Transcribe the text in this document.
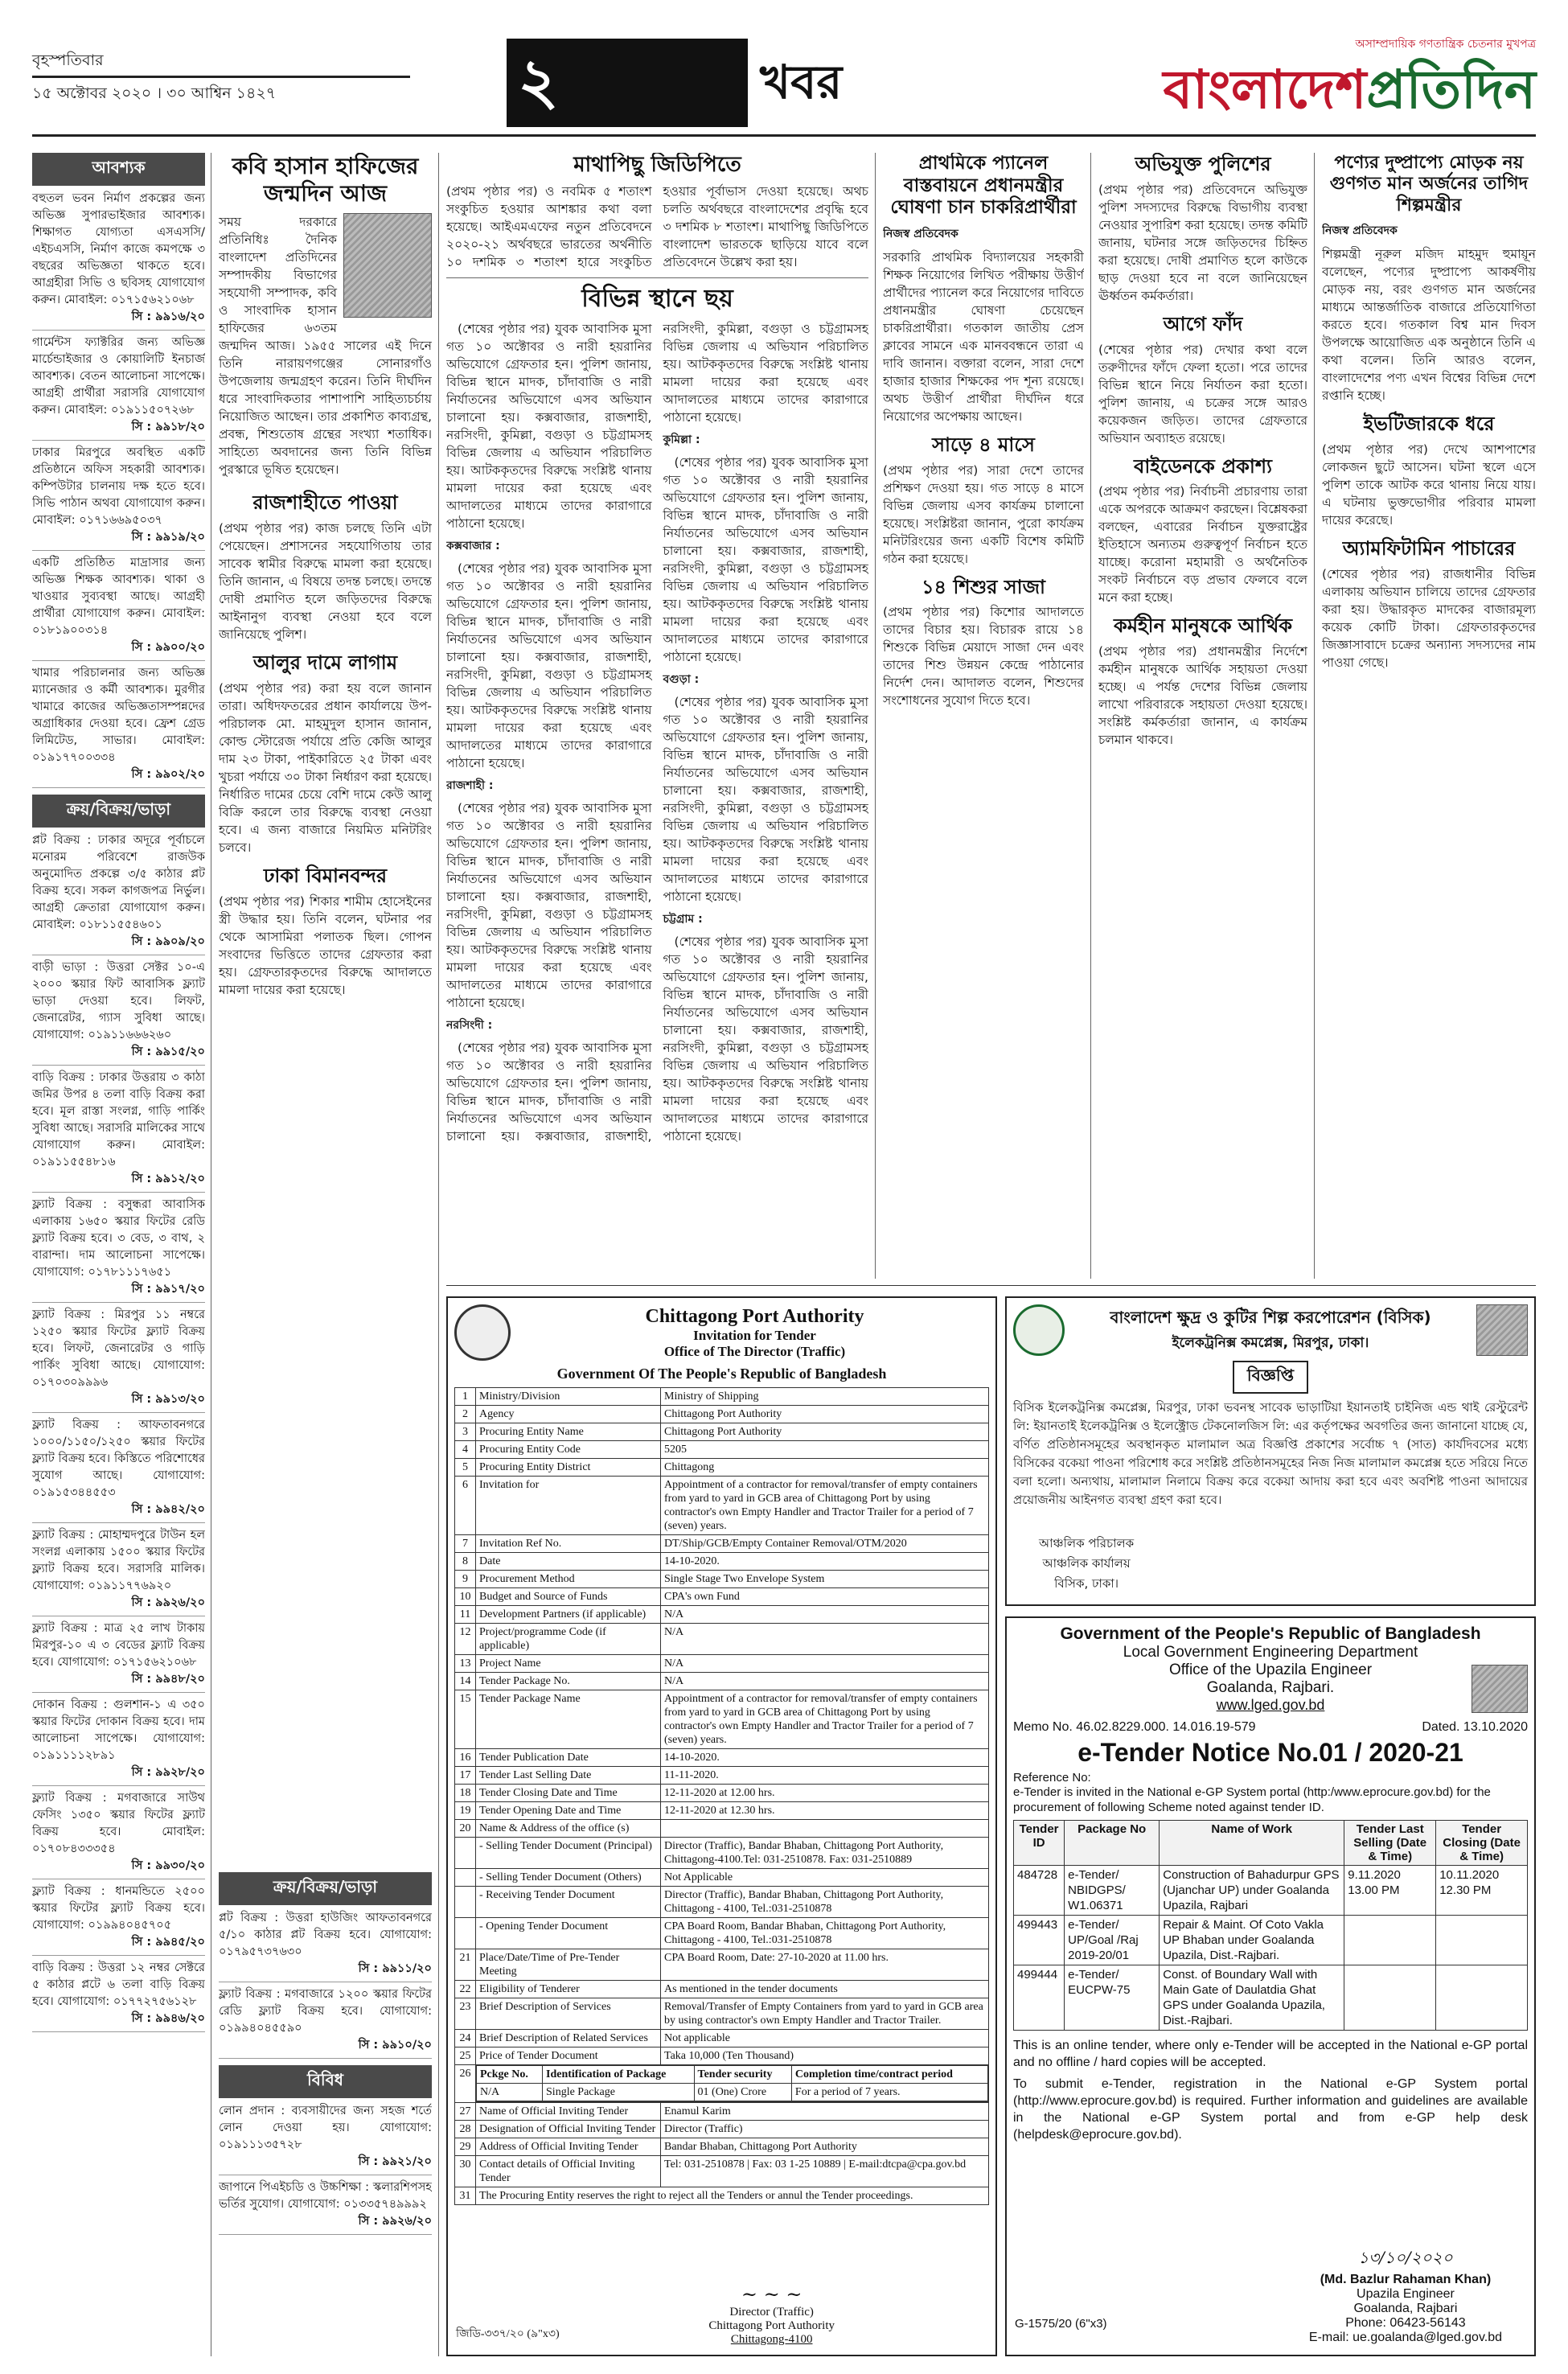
বৃহস্পতিবার
১৫ অক্টোবর ২০২০ । ৩০ আশ্বিন ১৪২৭	২	খবর
অসাম্প্রদায়িক গণতান্ত্রিক চেতনার মুখপত্র
বাংলাদেশপ্রতিদিন
আবশ্যক
বহুতল ভবন নির্মাণ প্রকল্পের জন্য অভিজ্ঞ সুপারভাইজার আবশ্যক। শিক্ষাগত যোগ্যতা এসএসসি/এইচএসসি, নির্মাণ কাজে কমপক্ষে ৩ বছরের অভিজ্ঞতা থাকতে হবে। আগ্রহীরা সিভি ও ছবিসহ যোগাযোগ করুন। মোবাইল: ০১৭১৫৬২১০৬৮
সি : ৯৯১৬/২০
গার্মেন্টস ফ্যাক্টরির জন্য অভিজ্ঞ মার্চেন্ডাইজার ও কোয়ালিটি ইনচার্জ আবশ্যক। বেতন আলোচনা সাপেক্ষে। আগ্রহী প্রার্থীরা সরাসরি যোগাযোগ করুন। মোবাইল: ০১৯১১৫০৭২৬৮
সি : ৯৯১৮/২০
ঢাকার মিরপুরে অবস্থিত একটি প্রতিষ্ঠানে অফিস সহকারী আবশ্যক। কম্পিউটার চালনায় দক্ষ হতে হবে। সিভি পাঠান অথবা যোগাযোগ করুন। মোবাইল: ০১৭১৬৬৯৫০৩৭
সি : ৯৯১৯/২০
একটি প্রতিষ্ঠিত মাদ্রাসার জন্য অভিজ্ঞ শিক্ষক আবশ্যক। থাকা ও খাওয়ার সুব্যবস্থা আছে। আগ্রহী প্রার্থীরা যোগাযোগ করুন। মোবাইল: ০১৮১৯০০৩১৪
সি : ৯৯০০/২০
খামার পরিচালনার জন্য অভিজ্ঞ ম্যানেজার ও কর্মী আবশ্যক। মুরগীর খামারে কাজের অভিজ্ঞতাসম্পন্নদের অগ্রাধিকার দেওয়া হবে। ফ্রেশ গ্রেড লিমিটেড, সাভার। মোবাইল: ০১৯১৭৭০০৩৩৪
সি : ৯৯০২/২০
ক্রয়/বিক্রয়/ভাড়া
প্লট বিক্রয় : ঢাকার অদূরে পূর্বাচলে মনোরম পরিবেশে রাজউক অনুমোদিত প্রকল্পে ৩/৫ কাঠার প্লট বিক্রয় হবে। সকল কাগজপত্র নির্ভুল। আগ্রহী ক্রেতারা যোগাযোগ করুন। মোবাইল: ০১৮১১৫৫৪৬০১
সি : ৯৯০৯/২০
বাড়ী ভাড়া : উত্তরা সেক্টর ১০-এ ২০০০ স্কয়ার ফিট আবাসিক ফ্ল্যাট ভাড়া দেওয়া হবে। লিফট, জেনারেটর, গ্যাস সুবিধা আছে। যোগাযোগ: ০১৯১১৬৬৬২৬০
সি : ৯৯১৫/২০
বাড়ি বিক্রয় : ঢাকার উত্তরায় ৩ কাঠা জমির উপর ৪ তলা বাড়ি বিক্রয় করা হবে। মূল রাস্তা সংলগ্ন, গাড়ি পার্কিং সুবিধা আছে। সরাসরি মালিকের সাথে যোগাযোগ করুন। মোবাইল: ০১৯১১৫৫৪৮১৬
সি : ৯৯১২/২০
ফ্ল্যাট বিক্রয় : বসুন্ধরা আবাসিক এলাকায় ১৬৫০ স্কয়ার ফিটের রেডি ফ্ল্যাট বিক্রয় হবে। ৩ বেড, ৩ বাথ, ২ বারান্দা। দাম আলোচনা সাপেক্ষে। যোগাযোগ: ০১৭৮১১১৭৬৫১
সি : ৯৯১৭/২০
ফ্ল্যাট বিক্রয় : মিরপুর ১১ নম্বরে ১২৫০ স্কয়ার ফিটের ফ্ল্যাট বিক্রয় হবে। লিফট, জেনারেটর ও গাড়ি পার্কিং সুবিধা আছে। যোগাযোগ: ০১৭০৩০৯৯৯৬
সি : ৯৯১৩/২০
ফ্ল্যাট বিক্রয় : আফতাবনগরে ১০০০/১১৫০/১২৫০ স্কয়ার ফিটের ফ্ল্যাট বিক্রয় হবে। কিস্তিতে পরিশোধের সুযোগ আছে। যোগাযোগ: ০১৯১৫৩৪৪৫৫৩
সি : ৯৯৪২/২০
ফ্ল্যাট বিক্রয় : মোহাম্মদপুরে টাউন হল সংলগ্ন এলাকায় ১৫০০ স্কয়ার ফিটের ফ্ল্যাট বিক্রয় হবে। সরাসরি মালিক। যোগাযোগ: ০১৯১১৭৭৬৯২০
সি : ৯৯২৬/২০
ফ্ল্যাট বিক্রয় : মাত্র ২৫ লাখ টাকায় মিরপুর-১০ এ ৩ বেডের ফ্ল্যাট বিক্রয় হবে। যোগাযোগ: ০১৭১৫৬২১০৬৮
সি : ৯৯৪৮/২০
দোকান বিক্রয় : গুলশান-১ এ ৩৫০ স্কয়ার ফিটের দোকান বিক্রয় হবে। দাম আলোচনা সাপেক্ষে। যোগাযোগ: ০১৯১১১১২৮৯১
সি : ৯৯২৮/২০
ফ্ল্যাট বিক্রয় : মগবাজারে সাউথ ফেসিং ১৩৫০ স্কয়ার ফিটের ফ্ল্যাট বিক্রয় হবে। মোবাইল: ০১৭০৮৪৩৩৩৫৪
সি : ৯৯৩০/২০
ফ্ল্যাট বিক্রয় : ধানমন্ডিতে ২৫০০ স্কয়ার ফিটের ফ্ল্যাট বিক্রয় হবে। যোগাযোগ: ০১৯৯৪০৪৫৭০৫
সি : ৯৯৪৫/২০
বাড়ি বিক্রয় : উত্তরা ১২ নম্বর সেক্টরে ৫ কাঠার প্লটে ৬ তলা বাড়ি বিক্রয় হবে। যোগাযোগ: ০১৭৭২৭৫৬১২৮
সি : ৯৯৪৬/২০
কবি হাসান হাফিজের জন্মদিন আজ
সময় দরকারে প্রতিনিধিঃ দৈনিক বাংলাদেশ প্রতিদিনের সম্পাদকীয় বিভাগের সহযোগী সম্পাদক, কবি ও সাংবাদিক হাসান হাফিজের ৬৩তম জন্মদিন আজ। ১৯৫৫ সালের এই দিনে তিনি নারায়ণগঞ্জের সোনারগাঁও উপজেলায় জন্মগ্রহণ করেন। তিনি দীর্ঘদিন ধরে সাংবাদিকতার পাশাপাশি সাহিত্যচর্চায় নিয়োজিত আছেন। তার প্রকাশিত কাব্যগ্রন্থ, প্রবন্ধ, শিশুতোষ গ্রন্থের সংখ্যা শতাধিক। সাহিত্যে অবদানের জন্য তিনি বিভিন্ন পুরস্কারে ভূষিত হয়েছেন।
রাজশাহীতে পাওয়া
(প্রথম পৃষ্ঠার পর) কাজ চলছে তিনি এটা পেয়েছেন। প্রশাসনের সহযোগিতায় তার সাবেক স্বামীর বিরুদ্ধে মামলা করা হয়েছে। তিনি জানান, এ বিষয়ে তদন্ত চলছে। তদন্তে দোষী প্রমাণিত হলে জড়িতদের বিরুদ্ধে আইনানুগ ব্যবস্থা নেওয়া হবে বলে জানিয়েছে পুলিশ।
আলুর দামে লাগাম
(প্রথম পৃষ্ঠার পর) করা হয় বলে জানান তারা। অধিদফতরের প্রধান কার্যালয়ে উপ-পরিচালক মো. মাহমুদুল হাসান জানান, কোল্ড স্টোরেজ পর্যায়ে প্রতি কেজি আলুর দাম ২৩ টাকা, পাইকারিতে ২৫ টাকা এবং খুচরা পর্যায়ে ৩০ টাকা নির্ধারণ করা হয়েছে। নির্ধারিত দামের চেয়ে বেশি দামে কেউ আলু বিক্রি করলে তার বিরুদ্ধে ব্যবস্থা নেওয়া হবে। এ জন্য বাজারে নিয়মিত মনিটরিং চলবে।
ঢাকা বিমানবন্দর
(প্রথম পৃষ্ঠার পর) শিকার শামীম হোসেইনের স্ত্রী উদ্ধার হয়। তিনি বলেন, ঘটনার পর থেকে আসামিরা পলাতক ছিল। গোপন সংবাদের ভিত্তিতে তাদের গ্রেফতার করা হয়। গ্রেফতারকৃতদের বিরুদ্ধে আদালতে মামলা দায়ের করা হয়েছে।
ক্রয়/বিক্রয়/ভাড়া
প্লট বিক্রয় : উত্তরা হাউজিং আফতাবনগরে ৫/১০ কাঠার প্লট বিক্রয় হবে। যোগাযোগ: ০১৭৯৫৭৩৭৬৩০
সি : ৯৯১১/২০
ফ্ল্যাট বিক্রয় : মগবাজারে ১২০০ স্কয়ার ফিটের রেডি ফ্ল্যাট বিক্রয় হবে। যোগাযোগ: ০১৯৯৪০৪৫৫৯০
সি : ৯৯১০/২০
বিবিধ
লোন প্রদান : ব্যবসায়ীদের জন্য সহজ শর্তে লোন দেওয়া হয়। যোগাযোগ: ০১৯১১১৩৫৭২৮
সি : ৯৯২১/২০
জাপানে পিএইচডি ও উচ্চশিক্ষা : স্কলারশিপসহ ভর্তির সুযোগ। যোগাযোগ: ০১৩৩৫৭৪৯৯৯২
সি : ৯৯২৬/২০
মাথাপিছু জিডিপিতে
(প্রথম পৃষ্ঠার পর) ও নবমিক ৫ শতাংশ সংকুচিত হওয়ার আশঙ্কার কথা বলা হয়েছে। আইএমএফের নতুন প্রতিবেদনে ২০২০-২১ অর্থবছরে ভারতের অর্থনীতি ১০ দশমিক ৩ শতাংশ হারে সংকুচিত হওয়ার পূর্বাভাস দেওয়া হয়েছে। অথচ চলতি অর্থবছরে বাংলাদেশের প্রবৃদ্ধি হবে ৩ দশমিক ৮ শতাংশ। মাথাপিছু জিডিপিতে বাংলাদেশ ভারতকে ছাড়িয়ে যাবে বলে প্রতিবেদনে উল্লেখ করা হয়।
বিভিন্ন স্থানে ছয়

(শেষের পৃষ্ঠার পর) যুবক আবাসিক মুসা গত ১০ অক্টোবর ও নারী হয়রানির অভিযোগে গ্রেফতার হন। পুলিশ জানায়, বিভিন্ন স্থানে মাদক, চাঁদাবাজি ও নারী নির্যাতনের অভিযোগে এসব অভিযান চালানো হয়। কক্সবাজার, রাজশাহী, নরসিংদী, কুমিল্লা, বগুড়া ও চট্টগ্রামসহ বিভিন্ন জেলায় এ অভিযান পরিচালিত হয়। আটককৃতদের বিরুদ্ধে সংশ্লিষ্ট থানায় মামলা দায়ের করা হয়েছে এবং আদালতের মাধ্যমে তাদের কারাগারে পাঠানো হয়েছে।

কক্সবাজার :

(শেষের পৃষ্ঠার পর) যুবক আবাসিক মুসা গত ১০ অক্টোবর ও নারী হয়রানির অভিযোগে গ্রেফতার হন। পুলিশ জানায়, বিভিন্ন স্থানে মাদক, চাঁদাবাজি ও নারী নির্যাতনের অভিযোগে এসব অভিযান চালানো হয়। কক্সবাজার, রাজশাহী, নরসিংদী, কুমিল্লা, বগুড়া ও চট্টগ্রামসহ বিভিন্ন জেলায় এ অভিযান পরিচালিত হয়। আটককৃতদের বিরুদ্ধে সংশ্লিষ্ট থানায় মামলা দায়ের করা হয়েছে এবং আদালতের মাধ্যমে তাদের কারাগারে পাঠানো হয়েছে।

রাজশাহী :

(শেষের পৃষ্ঠার পর) যুবক আবাসিক মুসা গত ১০ অক্টোবর ও নারী হয়রানির অভিযোগে গ্রেফতার হন। পুলিশ জানায়, বিভিন্ন স্থানে মাদক, চাঁদাবাজি ও নারী নির্যাতনের অভিযোগে এসব অভিযান চালানো হয়। কক্সবাজার, রাজশাহী, নরসিংদী, কুমিল্লা, বগুড়া ও চট্টগ্রামসহ বিভিন্ন জেলায় এ অভিযান পরিচালিত হয়। আটককৃতদের বিরুদ্ধে সংশ্লিষ্ট থানায় মামলা দায়ের করা হয়েছে এবং আদালতের মাধ্যমে তাদের কারাগারে পাঠানো হয়েছে।

নরসিংদী :

(শেষের পৃষ্ঠার পর) যুবক আবাসিক মুসা গত ১০ অক্টোবর ও নারী হয়রানির অভিযোগে গ্রেফতার হন। পুলিশ জানায়, বিভিন্ন স্থানে মাদক, চাঁদাবাজি ও নারী নির্যাতনের অভিযোগে এসব অভিযান চালানো হয়। কক্সবাজার, রাজশাহী, নরসিংদী, কুমিল্লা, বগুড়া ও চট্টগ্রামসহ বিভিন্ন জেলায় এ অভিযান পরিচালিত হয়। আটককৃতদের বিরুদ্ধে সংশ্লিষ্ট থানায় মামলা দায়ের করা হয়েছে এবং আদালতের মাধ্যমে তাদের কারাগারে পাঠানো হয়েছে।

কুমিল্লা :

(শেষের পৃষ্ঠার পর) যুবক আবাসিক মুসা গত ১০ অক্টোবর ও নারী হয়রানির অভিযোগে গ্রেফতার হন। পুলিশ জানায়, বিভিন্ন স্থানে মাদক, চাঁদাবাজি ও নারী নির্যাতনের অভিযোগে এসব অভিযান চালানো হয়। কক্সবাজার, রাজশাহী, নরসিংদী, কুমিল্লা, বগুড়া ও চট্টগ্রামসহ বিভিন্ন জেলায় এ অভিযান পরিচালিত হয়। আটককৃতদের বিরুদ্ধে সংশ্লিষ্ট থানায় মামলা দায়ের করা হয়েছে এবং আদালতের মাধ্যমে তাদের কারাগারে পাঠানো হয়েছে।

বগুড়া :

(শেষের পৃষ্ঠার পর) যুবক আবাসিক মুসা গত ১০ অক্টোবর ও নারী হয়রানির অভিযোগে গ্রেফতার হন। পুলিশ জানায়, বিভিন্ন স্থানে মাদক, চাঁদাবাজি ও নারী নির্যাতনের অভিযোগে এসব অভিযান চালানো হয়। কক্সবাজার, রাজশাহী, নরসিংদী, কুমিল্লা, বগুড়া ও চট্টগ্রামসহ বিভিন্ন জেলায় এ অভিযান পরিচালিত হয়। আটককৃতদের বিরুদ্ধে সংশ্লিষ্ট থানায় মামলা দায়ের করা হয়েছে এবং আদালতের মাধ্যমে তাদের কারাগারে পাঠানো হয়েছে।

চট্টগ্রাম :

(শেষের পৃষ্ঠার পর) যুবক আবাসিক মুসা গত ১০ অক্টোবর ও নারী হয়রানির অভিযোগে গ্রেফতার হন। পুলিশ জানায়, বিভিন্ন স্থানে মাদক, চাঁদাবাজি ও নারী নির্যাতনের অভিযোগে এসব অভিযান চালানো হয়। কক্সবাজার, রাজশাহী, নরসিংদী, কুমিল্লা, বগুড়া ও চট্টগ্রামসহ বিভিন্ন জেলায় এ অভিযান পরিচালিত হয়। আটককৃতদের বিরুদ্ধে সংশ্লিষ্ট থানায় মামলা দায়ের করা হয়েছে এবং আদালতের মাধ্যমে তাদের কারাগারে পাঠানো হয়েছে।

প্রাথমিকে প্যানেল বাস্তবায়নে প্রধানমন্ত্রীর ঘোষণা চান চাকরিপ্রার্থীরা
নিজস্ব প্রতিবেদক
সরকারি প্রাথমিক বিদ্যালয়ের সহকারী শিক্ষক নিয়োগের লিখিত পরীক্ষায় উত্তীর্ণ প্রার্থীদের প্যানেল করে নিয়োগের দাবিতে প্রধানমন্ত্রীর ঘোষণা চেয়েছেন চাকরিপ্রার্থীরা। গতকাল জাতীয় প্রেস ক্লাবের সামনে এক মানববন্ধনে তারা এ দাবি জানান। বক্তারা বলেন, সারা দেশে হাজার হাজার শিক্ষকের পদ শূন্য রয়েছে। অথচ উত্তীর্ণ প্রার্থীরা দীর্ঘদিন ধরে নিয়োগের অপেক্ষায় আছেন।
সাড়ে ৪ মাসে
(প্রথম পৃষ্ঠার পর) সারা দেশে তাদের প্রশিক্ষণ দেওয়া হয়। গত সাড়ে ৪ মাসে বিভিন্ন জেলায় এসব কার্যক্রম চালানো হয়েছে। সংশ্লিষ্টরা জানান, পুরো কার্যক্রম মনিটরিংয়ের জন্য একটি বিশেষ কমিটি গঠন করা হয়েছে।
১৪ শিশুর সাজা
(প্রথম পৃষ্ঠার পর) কিশোর আদালতে তাদের বিচার হয়। বিচারক রায়ে ১৪ শিশুকে বিভিন্ন মেয়াদে সাজা দেন এবং তাদের শিশু উন্নয়ন কেন্দ্রে পাঠানোর নির্দেশ দেন। আদালত বলেন, শিশুদের সংশোধনের সুযোগ দিতে হবে।
অভিযুক্ত পুলিশের
(প্রথম পৃষ্ঠার পর) প্রতিবেদনে অভিযুক্ত পুলিশ সদস্যদের বিরুদ্ধে বিভাগীয় ব্যবস্থা নেওয়ার সুপারিশ করা হয়েছে। তদন্ত কমিটি জানায়, ঘটনার সঙ্গে জড়িতদের চিহ্নিত করা হয়েছে। দোষী প্রমাণিত হলে কাউকে ছাড় দেওয়া হবে না বলে জানিয়েছেন ঊর্ধ্বতন কর্মকর্তারা।
আগে ফাঁদ
(শেষের পৃষ্ঠার পর) দেখার কথা বলে তরুণীদের ফাঁদে ফেলা হতো। পরে তাদের বিভিন্ন স্থানে নিয়ে নির্যাতন করা হতো। পুলিশ জানায়, এ চক্রের সঙ্গে আরও কয়েকজন জড়িত। তাদের গ্রেফতারে অভিযান অব্যাহত রয়েছে।
বাইডেনকে প্রকাশ্য
(প্রথম পৃষ্ঠার পর) নির্বাচনী প্রচারণায় তারা একে অপরকে আক্রমণ করছেন। বিশ্লেষকরা বলছেন, এবারের নির্বাচন যুক্তরাষ্ট্রের ইতিহাসে অন্যতম গুরুত্বপূর্ণ নির্বাচন হতে যাচ্ছে। করোনা মহামারী ও অর্থনৈতিক সংকট নির্বাচনে বড় প্রভাব ফেলবে বলে মনে করা হচ্ছে।
কর্মহীন মানুষকে আর্থিক
(প্রথম পৃষ্ঠার পর) প্রধানমন্ত্রীর নির্দেশে কর্মহীন মানুষকে আর্থিক সহায়তা দেওয়া হচ্ছে। এ পর্যন্ত দেশের বিভিন্ন জেলায় লাখো পরিবারকে সহায়তা দেওয়া হয়েছে। সংশ্লিষ্ট কর্মকর্তারা জানান, এ কার্যক্রম চলমান থাকবে।
পণ্যের দুষ্প্রাপ্যে মোড়ক নয় গুণগত মান অর্জনের তাগিদ শিল্পমন্ত্রীর
নিজস্ব প্রতিবেদক
শিল্পমন্ত্রী নূরুল মজিদ মাহমুদ হুমায়ূন বলেছেন, পণ্যের দুষ্প্রাপ্যে আকর্ষণীয় মোড়ক নয়, বরং গুণগত মান অর্জনের মাধ্যমে আন্তর্জাতিক বাজারে প্রতিযোগিতা করতে হবে। গতকাল বিশ্ব মান দিবস উপলক্ষে আয়োজিত এক অনুষ্ঠানে তিনি এ কথা বলেন। তিনি আরও বলেন, বাংলাদেশের পণ্য এখন বিশ্বের বিভিন্ন দেশে রপ্তানি হচ্ছে।
ইভটিজারকে ধরে
(প্রথম পৃষ্ঠার পর) দেখে আশপাশের লোকজন ছুটে আসেন। ঘটনা স্থলে এসে পুলিশ তাকে আটক করে থানায় নিয়ে যায়। এ ঘটনায় ভুক্তভোগীর পরিবার মামলা দায়ের করেছে।
অ্যামফিটামিন পাচারের
(শেষের পৃষ্ঠার পর) রাজধানীর বিভিন্ন এলাকায় অভিযান চালিয়ে তাদের গ্রেফতার করা হয়। উদ্ধারকৃত মাদকের বাজারমূল্য কয়েক কোটি টাকা। গ্রেফতারকৃতদের জিজ্ঞাসাবাদে চক্রের অন্যান্য সদস্যদের নাম পাওয়া গেছে।
Chittagong Port Authority
Invitation for Tender
Office of The Director (Traffic)
Government Of The People's Republic of Bangladesh
1	Ministry/Division	Ministry of Shipping
2	Agency	Chittagong Port Authority
3	Procuring Entity Name	Chittagong Port Authority
4	Procuring Entity Code	5205
5	Procuring Entity District	Chittagong
6	Invitation for	Appointment of a contractor for removal/transfer of empty containers from yard to yard in GCB area of Chittagong Port by using contractor's own Empty Handler and Tractor Trailer for a period of 7 (seven) years.
7	Invitation Ref No.	DT/Ship/GCB/Empty Container Removal/OTM/2020
8	Date	14-10-2020.
9	Procurement Method	Single Stage Two Envelope System
10	Budget and Source of Funds	CPA's own Fund
11	Development Partners (if applicable)	N/A
12	Project/programme Code (if applicable)	N/A
13	Project Name	N/A
14	Tender Package No.	N/A
15	Tender Package Name	Appointment of a contractor for removal/transfer of empty containers from yard to yard in GCB area of Chittagong Port by using contractor's own Empty Handler and Tractor Trailer for a period of 7 (seven) years.
16	Tender Publication Date	14-10-2020.
17	Tender Last Selling Date	11-11-2020.
18	Tender Closing Date and Time	12-11-2020 at 12.00 hrs.
19	Tender Opening Date and Time	12-11-2020 at 12.30 hrs.
20	Name & Address of the office (s)	
	- Selling Tender Document (Principal)	Director (Traffic), Bandar Bhaban, Chittagong Port Authority, Chittagong-4100.Tel: 031-2510878. Fax: 031-2510889
	- Selling Tender Document (Others)	Not Applicable
	- Receiving Tender Document	Director (Traffic), Bandar Bhaban, Chittagong Port Authority, Chittagong - 4100, Tel.:031-2510878
	- Opening Tender Document	CPA Board Room, Bandar Bhaban, Chittagong Port Authority, Chittagong - 4100, Tel.:031-2510878
21	Place/Date/Time of Pre-Tender Meeting	CPA Board Room, Date: 27-10-2020 at 11.00 hrs.
22	Eligibility of Tenderer	As mentioned in the tender documents
23	Brief Description of Services	Removal/Transfer of Empty Containers from yard to yard in GCB area by using contractor's own Empty Handler and Tractor Trailer.
24	Brief Description of Related Services	Not applicable
25	Price of Tender Document	Taka 10,000 (Ten Thousand)
26	Pckge No.	Identification of Package	Tender security	Completion time/contract period
N/A	Single Package	01 (One) Crore	For a period of 7 years.

27	Name of Official Inviting Tender	Enamul Karim
28	Designation of Official Inviting Tender	Director (Traffic)
29	Address of Official Inviting Tender	Bandar Bhaban, Chittagong Port Authority
30	Contact details of Official Inviting Tender	Tel: 031-2510878 | Fax: 03 1-25 10889 | E-mail:dtcpa@cpa.gov.bd
31	The Procuring Entity reserves the right to reject all the Tenders or annul the Tender proceedings.
জিডি-৩৩৭/২০ (৯"x৩)
~ ~ ~
Director (Traffic)
Chittagong Port Authority
Chittagong-4100
বাংলাদেশ ক্ষুদ্র ও কুটির শিল্প করপোরেশন (বিসিক)
ইলেকট্রনিক্স কমপ্লেক্স, মিরপুর, ঢাকা।
বিজ্ঞপ্তি
বিসিক ইলেকট্রনিক্স কমপ্লেক্স, মিরপুর, ঢাকা ভবনস্থ সাবেক ভাড়াটিয়া ইয়ানতাই চাইনিজ এন্ড থাই রেস্টুরেন্ট লি: ইয়ানতাই ইলেকট্রনিক্স ও ইলেক্ট্রোড টেকনোলজিস লি: এর কর্তৃপক্ষের অবগতির জন্য জানানো যাচ্ছে যে, বর্ণিত প্রতিষ্ঠানসমূহের অবস্থানকৃত মালামাল অত্র বিজ্ঞপ্তি প্রকাশের সর্বোচ্চ ৭ (সাত) কার্যদিবসের মধ্যে বিসিকের বকেয়া পাওনা পরিশোধ করে সংশ্লিষ্ট প্রতিষ্ঠানসমূহের নিজ নিজ মালামাল কমপ্লেক্স হতে সরিয়ে নিতে বলা হলো। অন্যথায়, মালামাল নিলামে বিক্রয় করে বকেয়া আদায় করা হবে এবং অবশিষ্ট পাওনা আদায়ের প্রয়োজনীয় আইনগত ব্যবস্থা গ্রহণ করা হবে।
আঞ্চলিক পরিচালক
আঞ্চলিক কার্যালয়
বিসিক, ঢাকা।
Government of the People's Republic of Bangladesh
Local Government Engineering Department
Office of the Upazila Engineer
Goalanda, Rajbari.
www.lged.gov.bd
Memo No. 46.02.8229.000. 14.016.19-579	Dated. 13.10.2020
e-Tender Notice No.01 / 2020-21
Reference No:
e-Tender is invited in the National e-GP System portal (http:/www.eprocure.gov.bd) for the procurement of following Scheme noted against tender ID.
Tender ID	Package No	Name of Work	Tender Last Selling (Date & Time)	Tender Closing (Date & Time)
484728	e-Tender/ NBIDGPS/ W1.06371	Construction of Bahadurpur GPS (Ujanchar UP) under Goalanda Upazila, Rajbari	9.11.2020 13.00 PM	10.11.2020 12.30 PM
499443	e-Tender/ UP/Goal /Raj 2019-20/01	Repair & Maint. Of Coto Vakla UP Bhaban under Goalanda Upazila, Dist.-Rajbari.		
499444	e-Tender/ EUCPW-75	Const. of Boundary Wall with Main Gate of Daulatdia Ghat GPS under Goalanda Upazila, Dist.-Rajbari.		
This is an online tender, where only e-Tender will be accepted in the National e-GP portal and no offline / hard copies will be accepted.
To submit e-Tender, registration in the National e-GP System portal (http://www.eprocure.gov.bd) is required. Further information and guidelines are available in the National e-GP System portal and from e-GP help desk (helpdesk@eprocure.gov.bd).
১৩/১০/২০২০
(Md. Bazlur Rahaman Khan)
Upazila Engineer
Goalanda, Rajbari
Phone: 06423-56143
E-mail: ue.goalanda@lged.gov.bd
G-1575/20 (6"x3)
